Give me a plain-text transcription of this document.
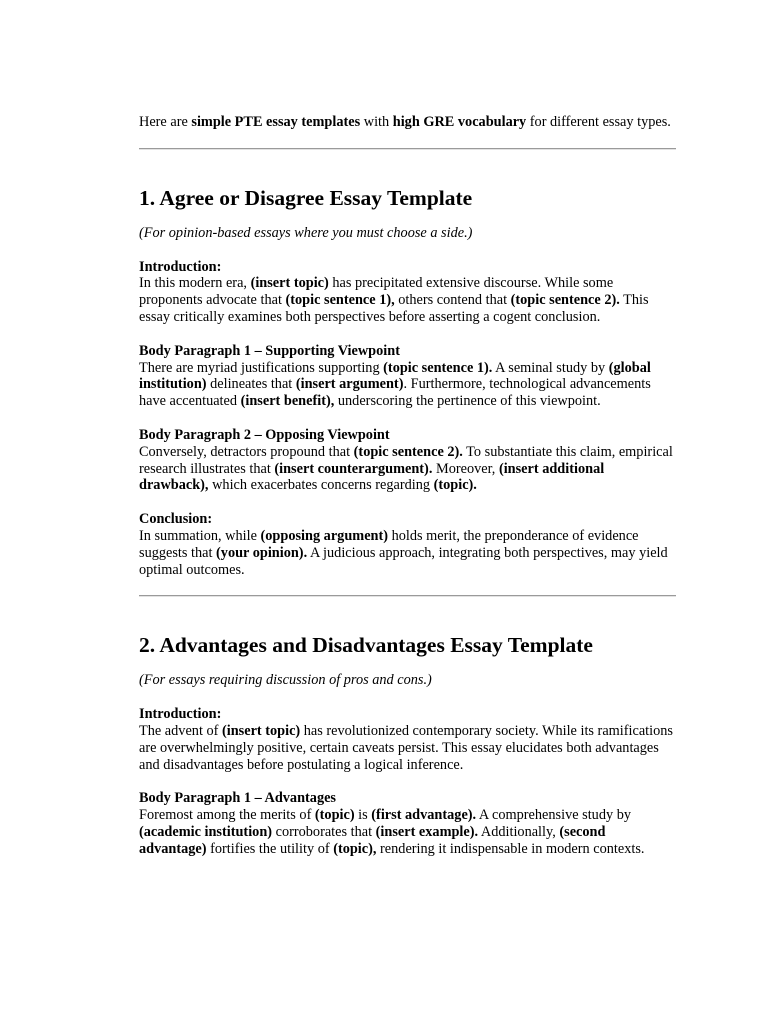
Here are simple PTE essay templates with high GRE vocabulary for different essay types.

1. Agree or Disagree Essay Template

(For opinion-based essays where you must choose a side.)

Introduction:

In this modern era, (insert topic) has precipitated extensive discourse. While some proponents advocate that (topic sentence 1), others contend that (topic sentence 2). This essay critically examines both perspectives before asserting a cogent conclusion.

Body Paragraph 1 – Supporting Viewpoint

There are myriad justifications supporting (topic sentence 1). A seminal study by (global institution) delineates that (insert argument). Furthermore, technological advancements have accentuated (insert benefit), underscoring the pertinence of this viewpoint.

Body Paragraph 2 – Opposing Viewpoint

Conversely, detractors propound that (topic sentence 2). To substantiate this claim, empirical research illustrates that (insert counterargument). Moreover, (insert additional drawback), which exacerbates concerns regarding (topic).

Conclusion:

In summation, while (opposing argument) holds merit, the preponderance of evidence suggests that (your opinion). A judicious approach, integrating both perspectives, may yield optimal outcomes.

2. Advantages and Disadvantages Essay Template

(For essays requiring discussion of pros and cons.)

Introduction:

The advent of (insert topic) has revolutionized contemporary society. While its ramifications are overwhelmingly positive, certain caveats persist. This essay elucidates both advantages and disadvantages before postulating a logical inference.

Body Paragraph 1 – Advantages

Foremost among the merits of (topic) is (first advantage). A comprehensive study by (academic institution) corroborates that (insert example). Additionally, (second advantage) fortifies the utility of (topic), rendering it indispensable in modern contexts.
